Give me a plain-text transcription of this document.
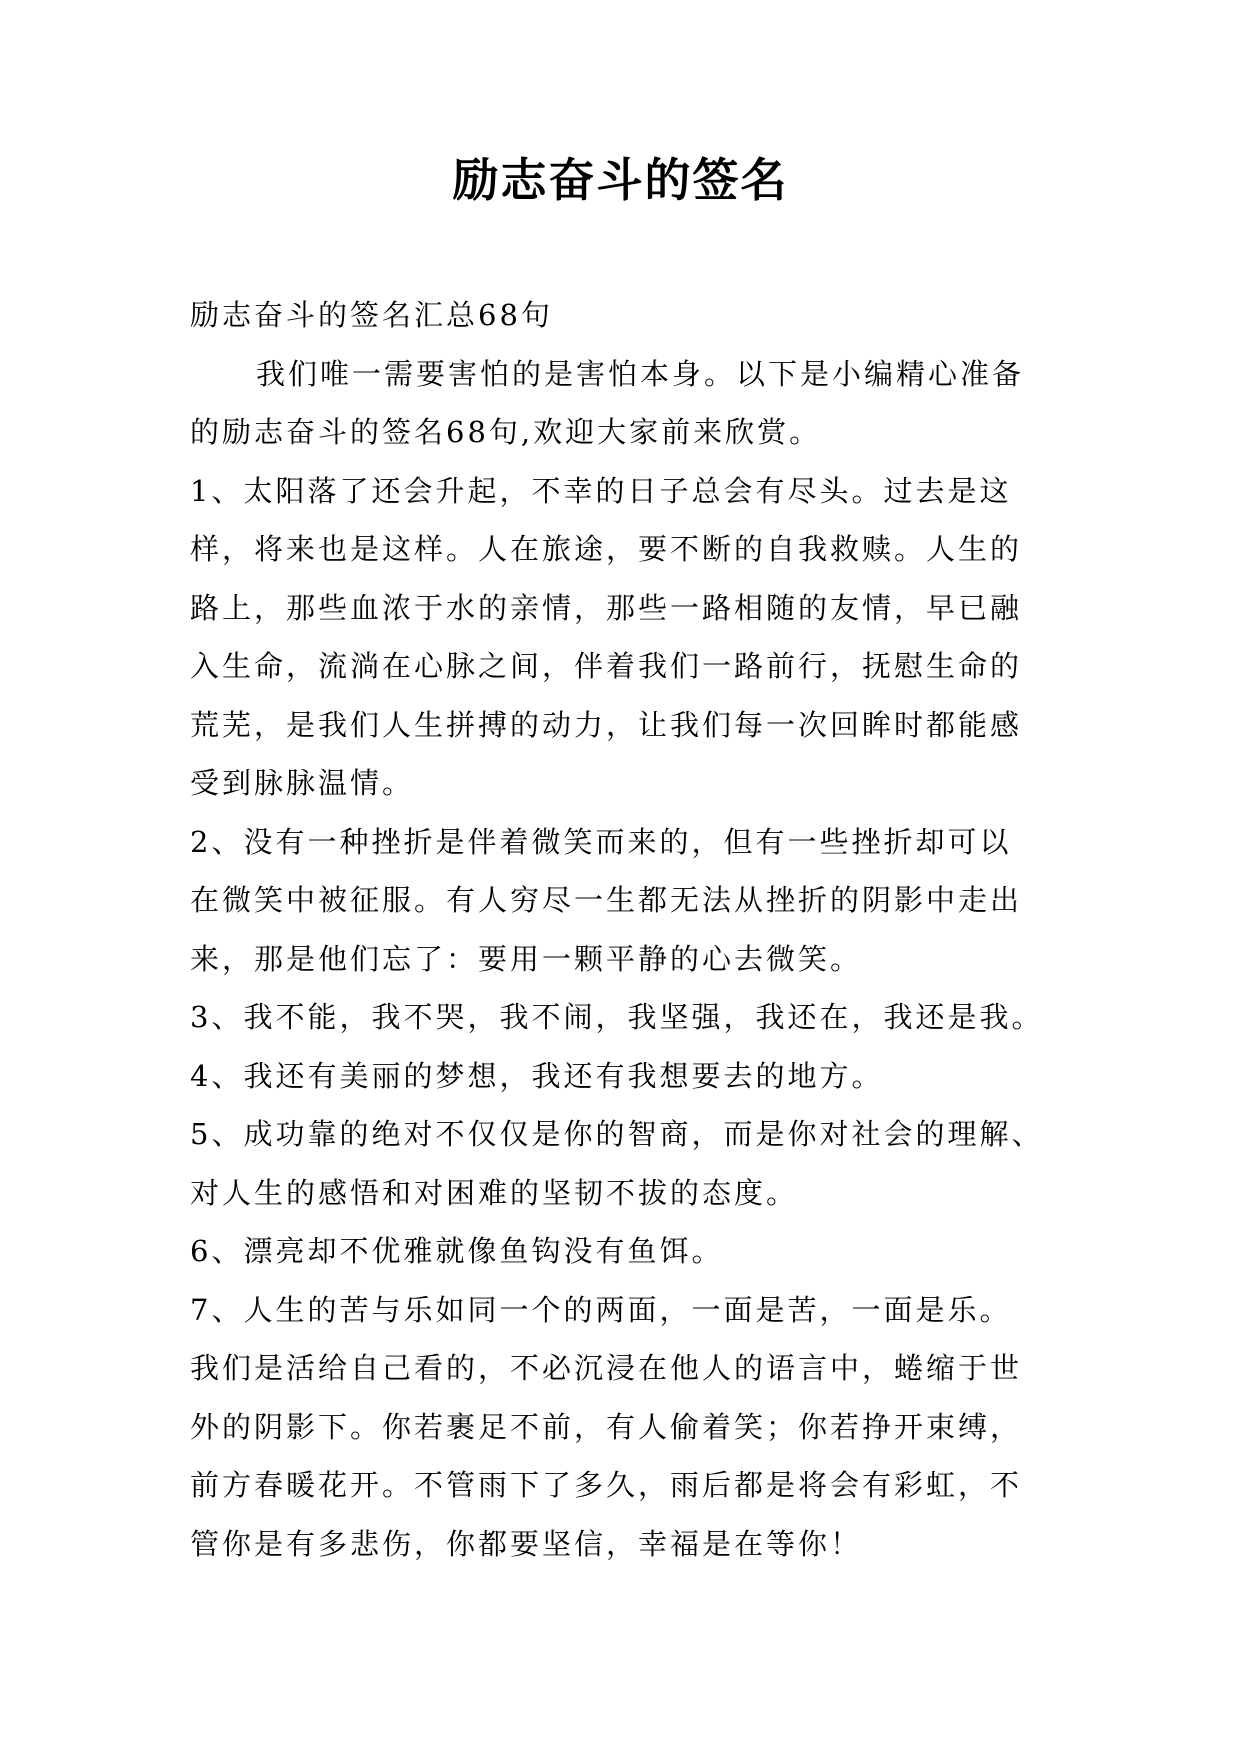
励志奋斗的签名

励志奋斗的签名汇总68句

我们唯一需要害怕的是害怕本身。以下是小编精心准备

的励志奋斗的签名68句,欢迎大家前来欣赏。

1、太阳落了还会升起，不幸的日子总会有尽头。过去是这

样，将来也是这样。人在旅途，要不断的自我救赎。人生的

路上，那些血浓于水的亲情，那些一路相随的友情，早已融

入生命，流淌在心脉之间，伴着我们一路前行，抚慰生命的

荒芜，是我们人生拼搏的动力，让我们每一次回眸时都能感

受到脉脉温情。

2、没有一种挫折是伴着微笑而来的，但有一些挫折却可以

在微笑中被征服。有人穷尽一生都无法从挫折的阴影中走出

来，那是他们忘了：要用一颗平静的心去微笑。

3、我不能，我不哭，我不闹，我坚强，我还在，我还是我。

4、我还有美丽的梦想，我还有我想要去的地方。

5、成功靠的绝对不仅仅是你的智商，而是你对社会的理解、

对人生的感悟和对困难的坚韧不拔的态度。

6、漂亮却不优雅就像鱼钩没有鱼饵。

7、人生的苦与乐如同一个的两面，一面是苦，一面是乐。

我们是活给自己看的，不必沉浸在他人的语言中，蜷缩于世

外的阴影下。你若裹足不前，有人偷着笑；你若挣开束缚，

前方春暖花开。不管雨下了多久，雨后都是将会有彩虹，不

管你是有多悲伤，你都要坚信，幸福是在等你！
